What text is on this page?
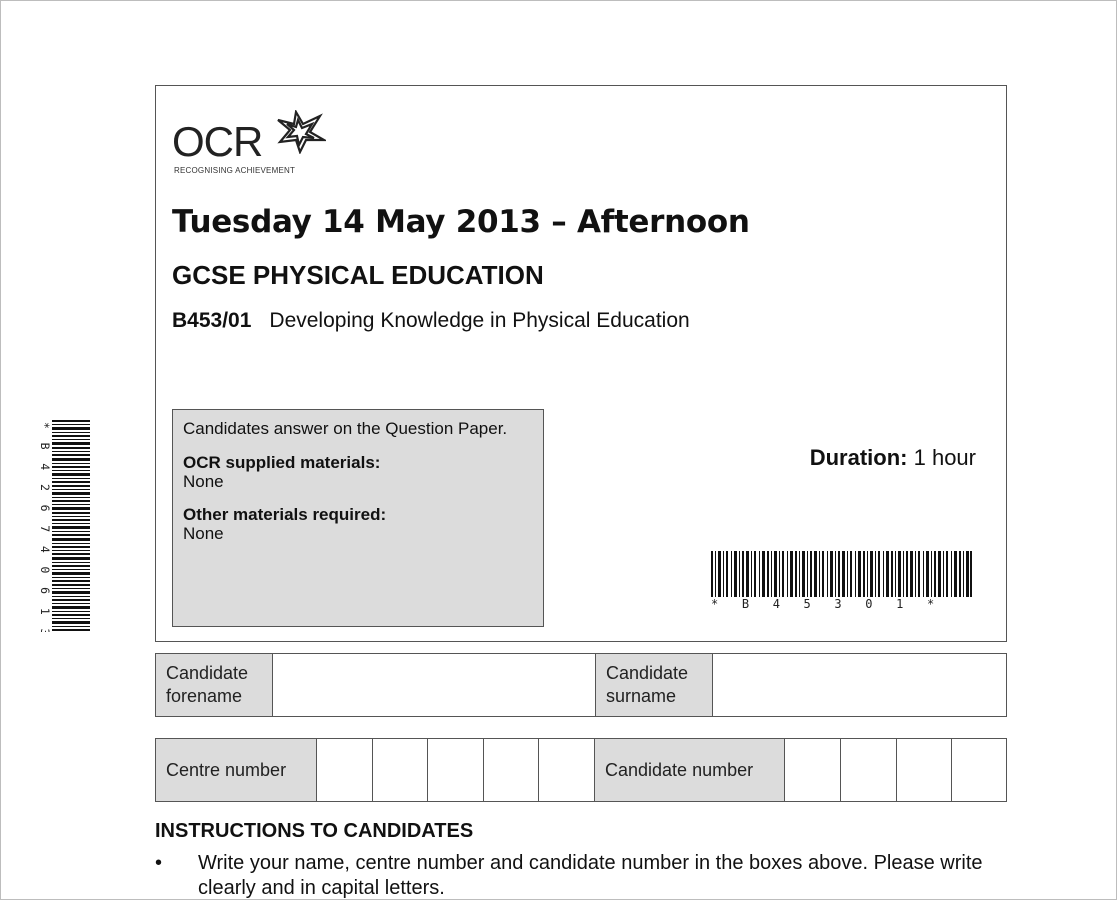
* B 4 2 6 7 4 0 6 1 3 *
OCR
RECOGNISING ACHIEVEMENT
Tuesday 14 May 2013 – Afternoon
GCSE PHYSICAL EDUCATION
B453/01 Developing Knowledge in Physical Education
Candidates answer on the Question Paper.
OCR supplied materials:
None
Other materials required:
None
Duration: 1 hour
* B 4 5 3 0 1 *
Candidate
forename
Candidate
surname
Centre number	Candidate number
INSTRUCTIONS TO CANDIDATES
• Write your name, centre number and candidate number in the boxes above. Please write clearly and in capital letters.
